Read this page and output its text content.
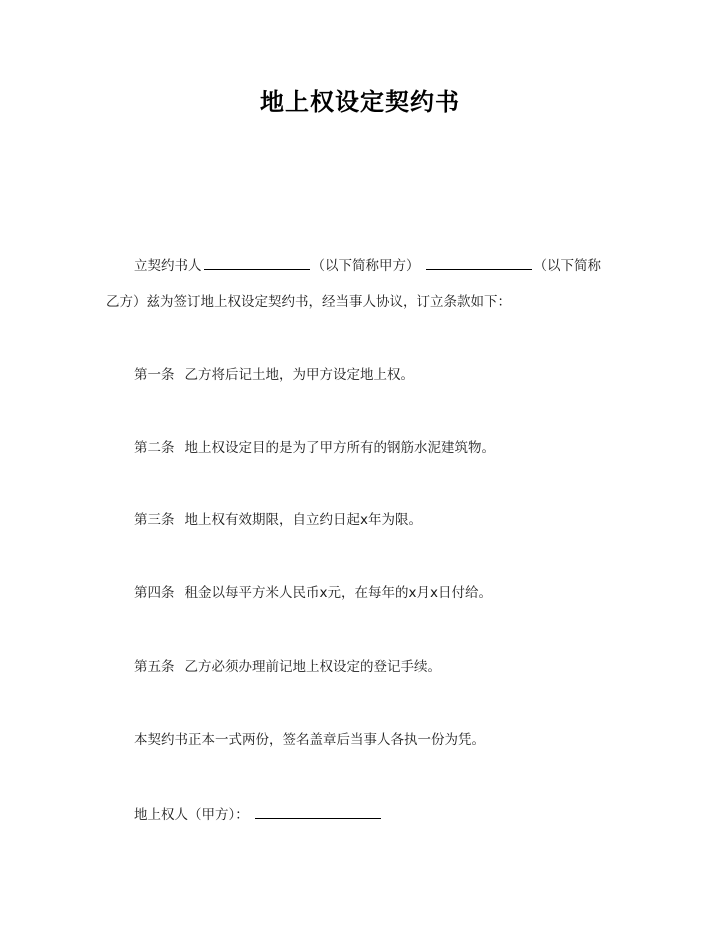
地上权设定契约书
立契约书人	（以下简称甲方）	（以下简称
乙方）兹为签订地上权设定契约书，经当事人协议，订立条款如下：
第一条 乙方将后记土地，为甲方设定地上权。
第二条 地上权设定目的是为了甲方所有的钢筋水泥建筑物。
第三条 地上权有效期限，自立约日起x年为限。
第四条 租金以每平方米人民币x元，在每年的x月x日付给。
第五条 乙方必须办理前记地上权设定的登记手续。
本契约书正本一式两份，签名盖章后当事人各执一份为凭。
地上权人（甲方）：
